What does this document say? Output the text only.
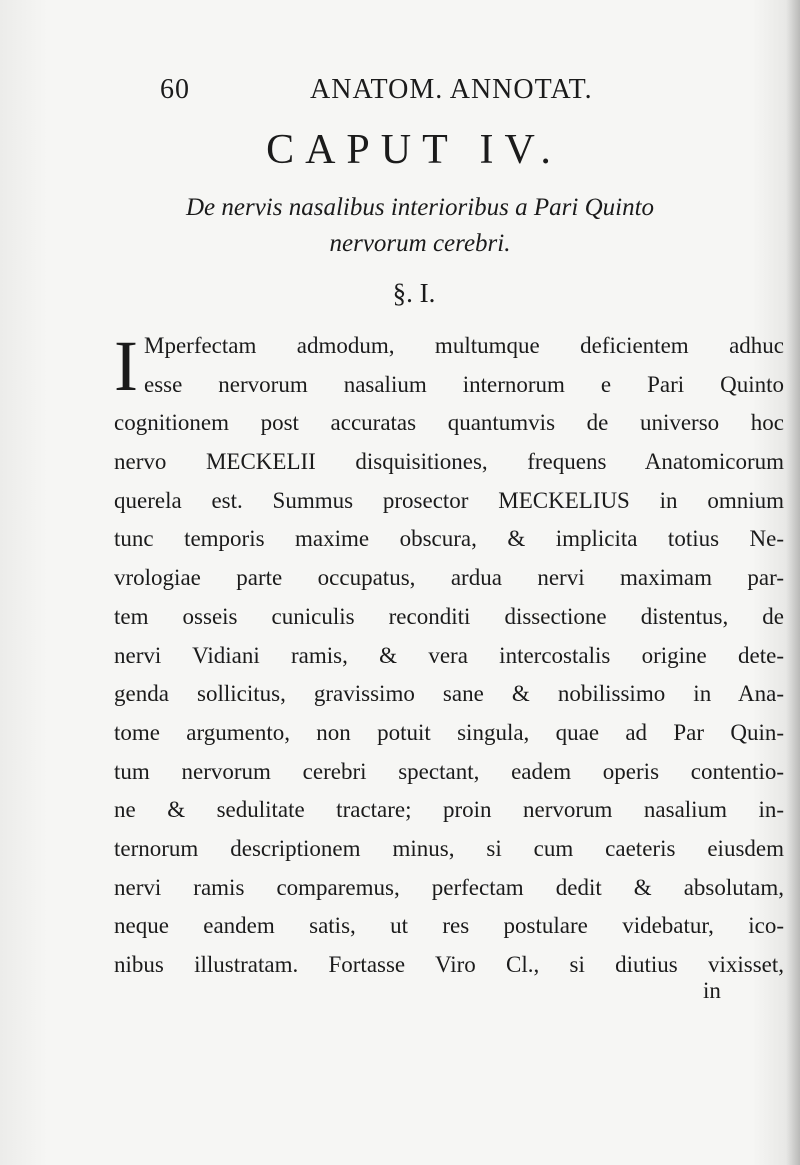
60	ANATOM. ANNOTAT.
CAPUT IV.
De nervis nasalibus interioribus a Pari Quinto
nervorum cerebri.
§. I.
I Mperfectam admodum, multumque deficientem adhuc
esse nervorum nasalium internorum e Pari Quinto
cognitionem post accuratas quantumvis de universo hoc
nervo MECKELII disquisitiones, frequens Anatomicorum
querela est. Summus prosector MECKELIUS in omnium
tunc temporis maxime obscura, & implicita totius Ne-
vrologiae parte occupatus, ardua nervi maximam par-
tem osseis cuniculis reconditi dissectione distentus, de
nervi Vidiani ramis, & vera intercostalis origine dete-
genda sollicitus, gravissimo sane & nobilissimo in Ana-
tome argumento, non potuit singula, quae ad Par Quin-
tum nervorum cerebri spectant, eadem operis contentio-
ne & sedulitate tractare; proin nervorum nasalium in-
ternorum descriptionem minus, si cum caeteris eiusdem
nervi ramis comparemus, perfectam dedit & absolutam,
neque eandem satis, ut res postulare videbatur, ico-
nibus illustratam. Fortasse Viro Cl., si diutius vixisset,
in
